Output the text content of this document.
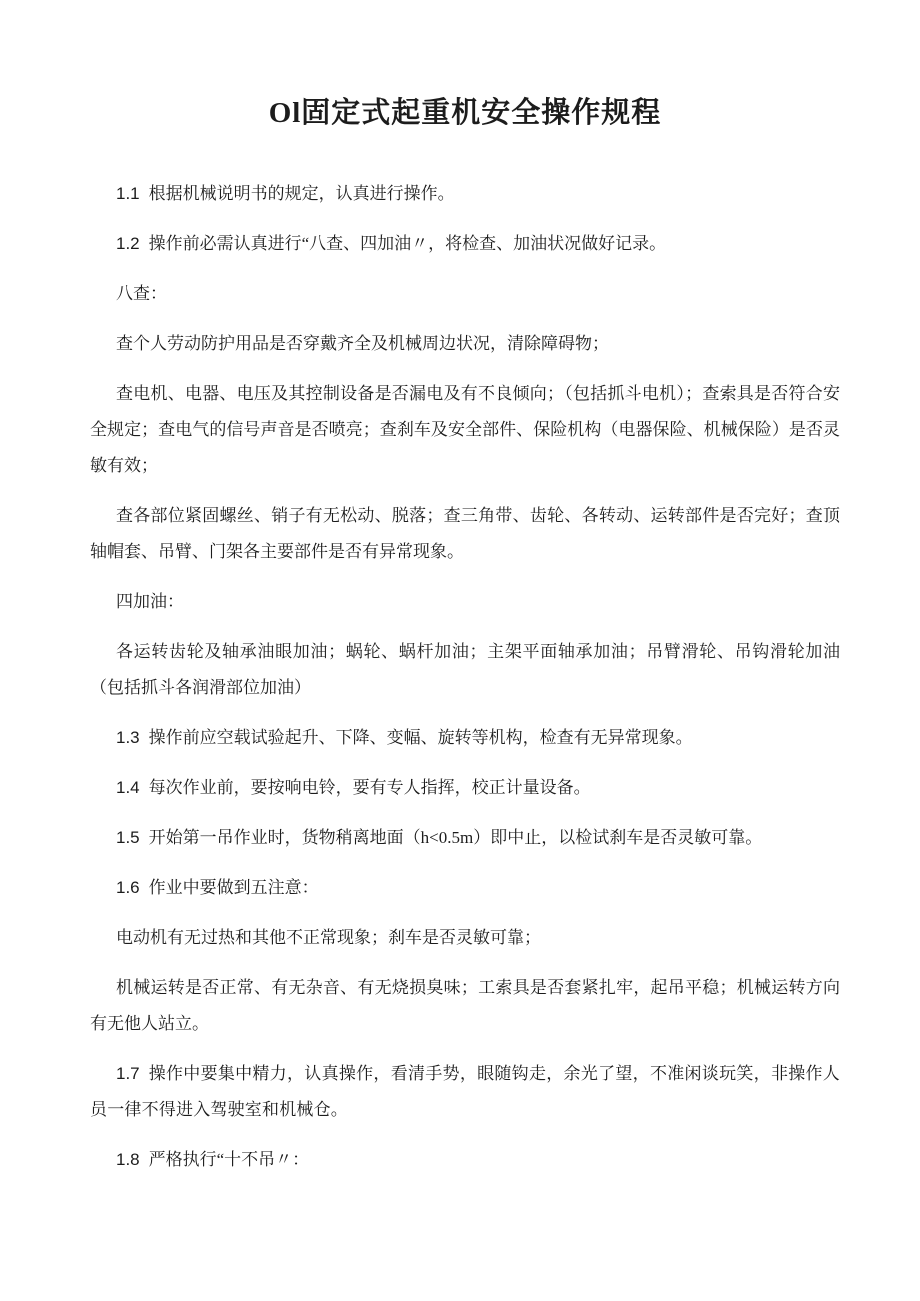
Ol固定式起重机安全操作规程

1.1 根据机械说明书的规定，认真进行操作。

1.2 操作前必需认真进行“八查、四加油〃，将检查、加油状况做好记录。

八查：

查个人劳动防护用品是否穿戴齐全及机械周边状况，清除障碍物；

查电机、电器、电压及其控制设备是否漏电及有不良倾向；（包括抓斗电机）；查索具是否符合安全规定；查电气的信号声音是否喷亮；查刹车及安全部件、保险机构（电器保险、机械保险）是否灵敏有效；

查各部位紧固螺丝、销子有无松动、脱落；查三角带、齿轮、各转动、运转部件是否完好；查顶轴帽套、吊臂、门架各主要部件是否有异常现象。

四加油：

各运转齿轮及轴承油眼加油；蜗轮、蜗杆加油；主架平面轴承加油；吊臂滑轮、吊钩滑轮加油（包括抓斗各润滑部位加油）

1.3 操作前应空载试验起升、下降、变幅、旋转等机构，检查有无异常现象。

1.4 每次作业前，要按响电铃，要有专人指挥，校正计量设备。

1.5 开始第一吊作业时，货物稍离地面（h<0.5m）即中止，以检试刹车是否灵敏可靠。

1.6 作业中要做到五注意：

电动机有无过热和其他不正常现象；刹车是否灵敏可靠；

机械运转是否正常、有无杂音、有无烧损臭味；工索具是否套紧扎牢，起吊平稳；机械运转方向有无他人站立。

1.7 操作中要集中精力，认真操作，看清手势，眼随钩走，余光了望，不准闲谈玩笑，非操作人员一律不得进入驾驶室和机械仓。

1.8 严格执行“十不吊〃：
